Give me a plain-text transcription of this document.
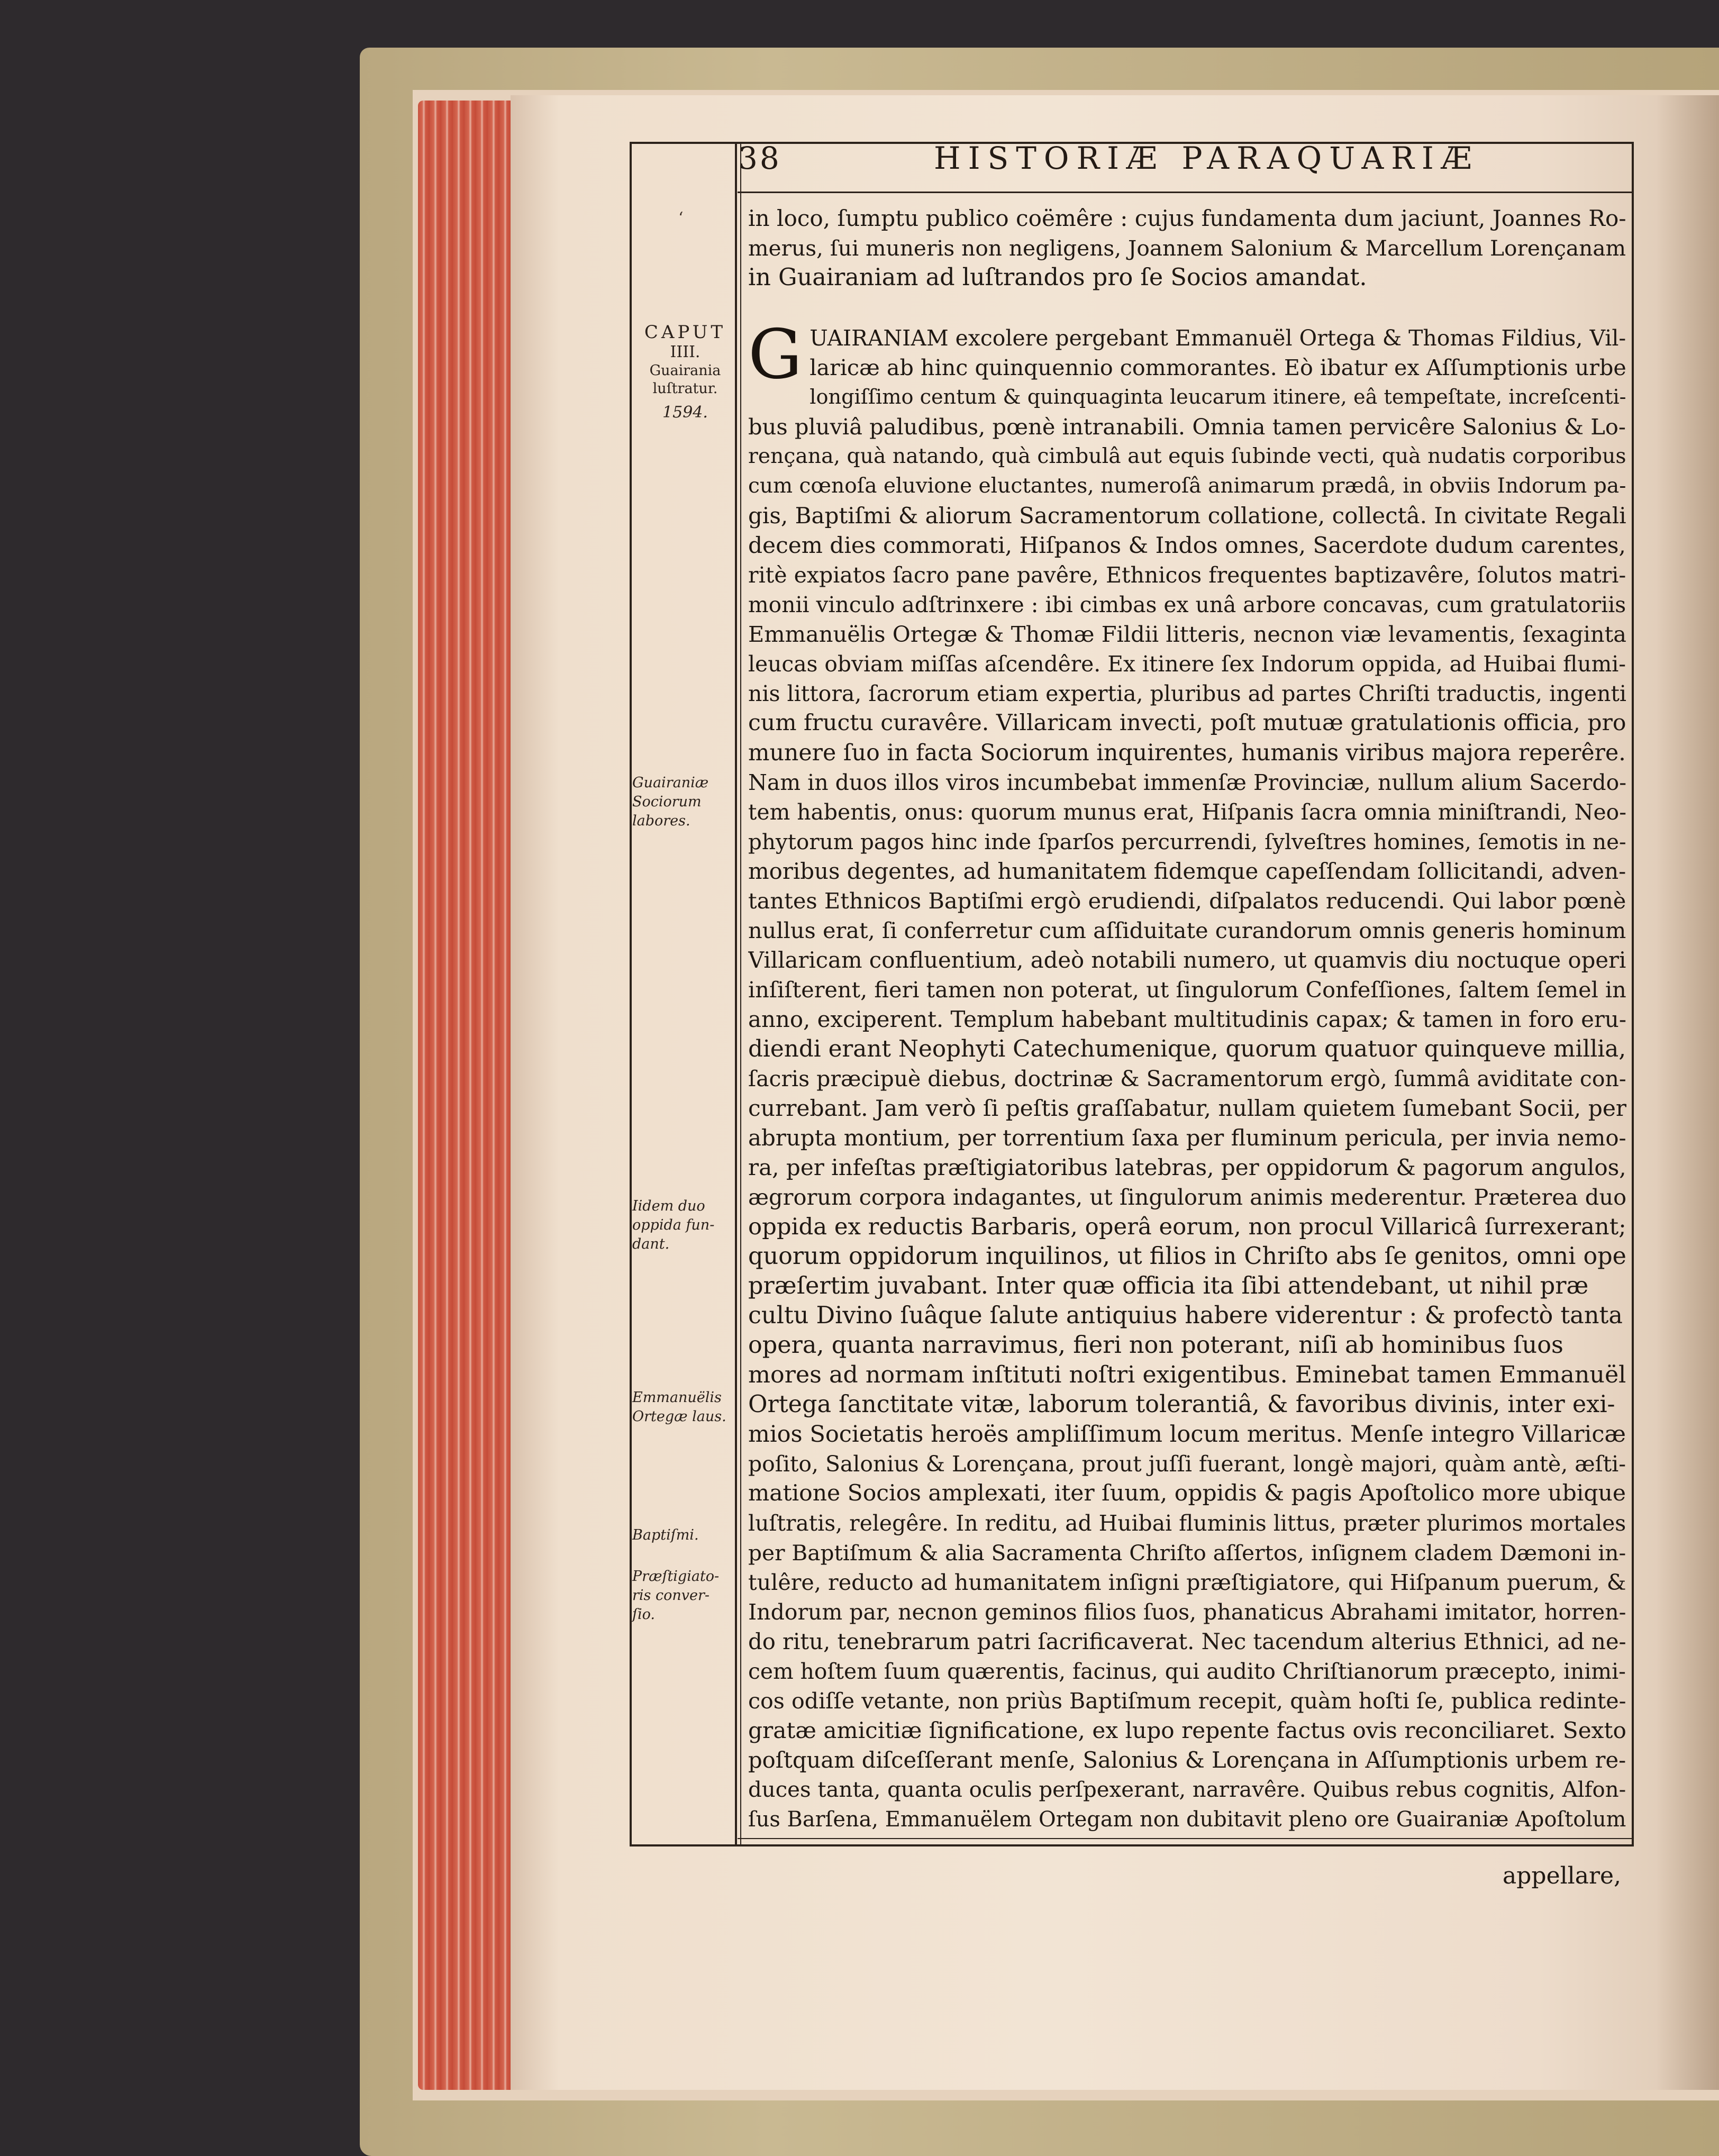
38	HISTORIÆ PARAQUARIÆ
‘
CAPUT
IIII.
Guairania
luſtratur.
1594.
Guairaniæ
Sociorum
labores.
Iidem duo
oppida fun-
dant.
Emmanuëlis
Ortegæ laus.
Baptiſmi.
Præſtigiato-
ris conver-
ſio.
in loco, ſumptu publico coëmêre : cujus fundamenta dum jaciunt, Joannes Ro-
merus, ſui muneris non negligens, Joannem Salonium & Marcellum Lorençanam
in Guairaniam ad luſtrandos pro ſe Socios amandat.
G UAIRANIAM excolere pergebant Emmanuël Ortega & Thomas Fildius, Vil-
laricæ ab hinc quinquennio commorantes. Eò ibatur ex Aſſumptionis urbe
longiſſimo centum & quinquaginta leucarum itinere, eâ tempeſtate, increſcenti-
bus pluviâ paludibus, pœnè intranabili. Omnia tamen pervicêre Salonius & Lo-
rençana, quà natando, quà cimbulâ aut equis ſubinde vecti, quà nudatis corporibus
cum cœnoſa eluvione eluctantes, numeroſâ animarum prædâ, in obviis Indorum pa-
gis, Baptiſmi & aliorum Sacramentorum collatione, collectâ. In civitate Regali
decem dies commorati, Hiſpanos & Indos omnes, Sacerdote dudum carentes,
ritè expiatos ſacro pane pavêre, Ethnicos frequentes baptizavêre, ſolutos matri-
monii vinculo adſtrinxere : ibi cimbas ex unâ arbore concavas, cum gratulatoriis
Emmanuëlis Ortegæ & Thomæ Fildii litteris, necnon viæ levamentis, ſexaginta
leucas obviam miſſas aſcendêre. Ex itinere ſex Indorum oppida, ad Huibai flumi-
nis littora, ſacrorum etiam expertia, pluribus ad partes Chriſti traductis, ingenti
cum fructu curavêre. Villaricam invecti, poſt mutuæ gratulationis officia, pro
munere ſuo in facta Sociorum inquirentes, humanis viribus majora reperêre.
Nam in duos illos viros incumbebat immenſæ Provinciæ, nullum alium Sacerdo-
tem habentis, onus: quorum munus erat, Hiſpanis ſacra omnia miniſtrandi, Neo-
phytorum pagos hinc inde ſparſos percurrendi, ſylveſtres homines, ſemotis in ne-
moribus degentes, ad humanitatem fidemque capeſſendam ſollicitandi, adven-
tantes Ethnicos Baptiſmi ergò erudiendi, diſpalatos reducendi. Qui labor pœnè
nullus erat, ſi conferretur cum aſſiduitate curandorum omnis generis hominum
Villaricam confluentium, adeò notabili numero, ut quamvis diu noctuque operi
inſiſterent, fieri tamen non poterat, ut ſingulorum Confeſſiones, ſaltem ſemel in
anno, exciperent. Templum habebant multitudinis capax; & tamen in foro eru-
diendi erant Neophyti Catechumenique, quorum quatuor quinqueve millia,
ſacris præcipuè diebus, doctrinæ & Sacramentorum ergò, ſummâ aviditate con-
currebant. Jam verò ſi peſtis graſſabatur, nullam quietem ſumebant Socii, per
abrupta montium, per torrentium ſaxa per fluminum pericula, per invia nemo-
ra, per infeſtas præſtigiatoribus latebras, per oppidorum & pagorum angulos,
ægrorum corpora indagantes, ut ſingulorum animis mederentur. Præterea duo
oppida ex reductis Barbaris, operâ eorum, non procul Villaricâ ſurrexerant;
quorum oppidorum inquilinos, ut filios in Chriſto abs ſe genitos, omni ope
præſertim juvabant. Inter quæ officia ita ſibi attendebant, ut nihil præ
cultu Divino ſuâque ſalute antiquius habere viderentur : & profectò tanta
opera, quanta narravimus, fieri non poterant, niſi ab hominibus ſuos
mores ad normam inſtituti noſtri exigentibus. Eminebat tamen Emmanuël
Ortega ſanctitate vitæ, laborum tolerantiâ, & favoribus divinis, inter exi-
mios Societatis heroës ampliſſimum locum meritus. Menſe integro Villaricæ
poſito, Salonius & Lorençana, prout juſſi fuerant, longè majori, quàm antè, æſti-
matione Socios amplexati, iter ſuum, oppidis & pagis Apoſtolico more ubique
luſtratis, relegêre. In reditu, ad Huibai fluminis littus, præter plurimos mortales
per Baptiſmum & alia Sacramenta Chriſto aſſertos, inſignem cladem Dæmoni in-
tulêre, reducto ad humanitatem inſigni præſtigiatore, qui Hiſpanum puerum, &
Indorum par, necnon geminos filios ſuos, phanaticus Abrahami imitator, horren-
do ritu, tenebrarum patri ſacrificaverat. Nec tacendum alterius Ethnici, ad ne-
cem hoſtem ſuum quærentis, facinus, qui audito Chriſtianorum præcepto, inimi-
cos odiſſe vetante, non priùs Baptiſmum recepit, quàm hoſti ſe, publica redinte-
gratæ amicitiæ ſignificatione, ex lupo repente factus ovis reconciliaret. Sexto
poſtquam diſceſſerant menſe, Salonius & Lorençana in Aſſumptionis urbem re-
duces tanta, quanta oculis perſpexerant, narravêre. Quibus rebus cognitis, Alfon-
ſus Barſena, Emmanuëlem Ortegam non dubitavit pleno ore Guairaniæ Apoſtolum
appellare,
